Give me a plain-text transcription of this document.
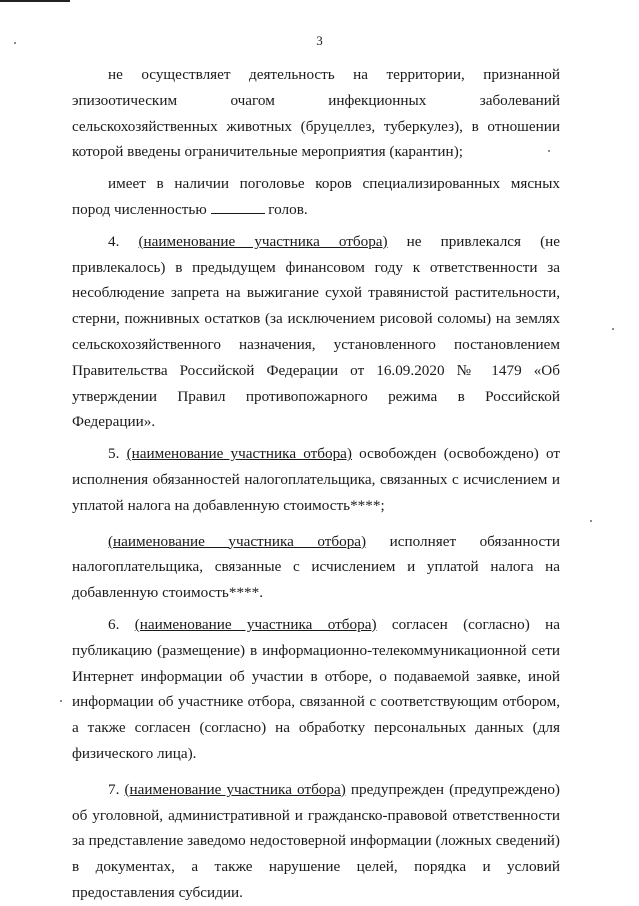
3

не осуществляет деятельность на территории, признанной эпизоотическим очагом инфекционных заболеваний сельскохозяйственных животных (бруцеллез, туберкулез), в отношении которой введены ограничительные мероприятия (карантин);

имеет в наличии поголовье коров специализированных мясных пород численностью	голов.

4. (наименование участника отбора) не привлекался (не привлекалось) в предыдущем финансовом году к ответственности за несоблюдение запрета на выжигание сухой травянистой растительности, стерни, пожнивных остатков (за исключением рисовой соломы) на землях сельскохозяйственного назначения, установленного постановлением Правительства Российской Федерации от 16.09.2020 № 1479 «Об утверждении Правил противопожарного режима в Российской Федерации».

5. (наименование участника отбора) освобожден (освобождено) от исполнения обязанностей налогоплательщика, связанных с исчислением и уплатой налога на добавленную стоимость****;

(наименование участника отбора) исполняет обязанности налогоплательщика, связанные с исчислением и уплатой налога на добавленную стоимость****.

6. (наименование участника отбора) согласен (согласно) на публикацию (размещение) в информационно-телекоммуникационной сети Интернет информации об участии в отборе, о подаваемой заявке, иной информации об участнике отбора, связанной с соответствующим отбором, а также согласен (согласно) на обработку персональных данных (для физического лица).

7. (наименование участника отбора) предупрежден (предупреждено) об уголовной, административной и гражданско-правовой ответственности за представление заведомо недостоверной информации (ложных сведений) в документах, а также нарушение целей, порядка и условий предоставления субсидии.
